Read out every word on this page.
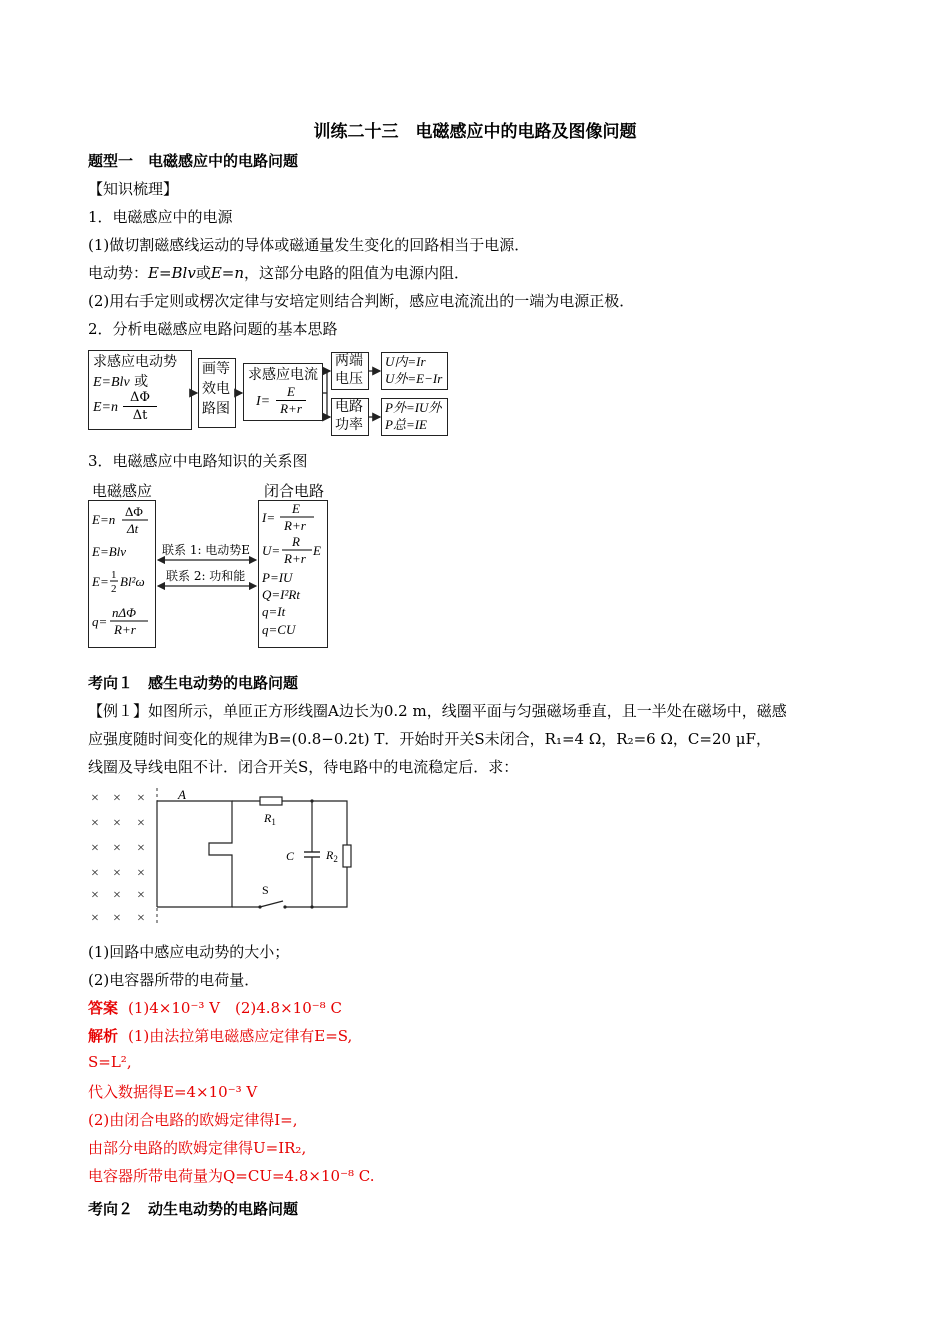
训练二十三　电磁感应中的电路及图像问题
题型一　电磁感应中的电路问题
【知识梳理】
1．电磁感应中的电源
(1)做切割磁感线运动的导体或磁通量发生变化的回路相当于电源．
电动势：E=Blv或E=n，这部分电路的阻值为电源内阻．
(2)用右手定则或楞次定律与安培定则结合判断，感应电流流出的一端为电源正极．
2．分析电磁感应电路问题的基本思路
求感应电动势
E=Blv 或
E=n
ΔΦ
Δt
画等
效电
路图
求感应电流
I=
E
R+r
两端
电压
U内=Ir
U外=E−Ir
电路
功率
P外=IU外
P总=IE
3．电磁感应中电路知识的关系图
电磁感应	闭合电路
E=n
ΔΦ
Δt
E=Blv
E= 1
2 Bl²ω
q=
nΔΦ
R+r
I=
E
R+r
U=
R
R+r
E
P=IU
Q=I²Rt
q=It
q=CU
联系 1: 电动势E
联系 2: 功和能
考向１　感生电动势的电路问题
【例１】如图所示，单匝正方形线圈A边长为0.2 m，线圈平面与匀强磁场垂直，且一半处在磁场中，磁感
应强度随时间变化的规律为B=(0.8−0.2t) T．开始时开关S未闭合，R₁=4 Ω，R₂=6 Ω，C=20 μF，
线圈及导线电阻不计．闭合开关S，待电路中的电流稳定后．求：
× × ×
× × ×
× × ×
× × ×
× × ×
× × ×
A
$R_1$
$R_2$
C
S
(1)回路中感应电动势的大小；
(2)电容器所带的电荷量．
答案 (1)4×10⁻³ V　(2)4.8×10⁻⁸ C
解析 (1)由法拉第电磁感应定律有E=S,
S=L²,
代入数据得E=4×10⁻³ V
(2)由闭合电路的欧姆定律得I=,
由部分电路的欧姆定律得U=IR₂,
电容器所带电荷量为Q=CU=4.8×10⁻⁸ C.
考向２　动生电动势的电路问题
